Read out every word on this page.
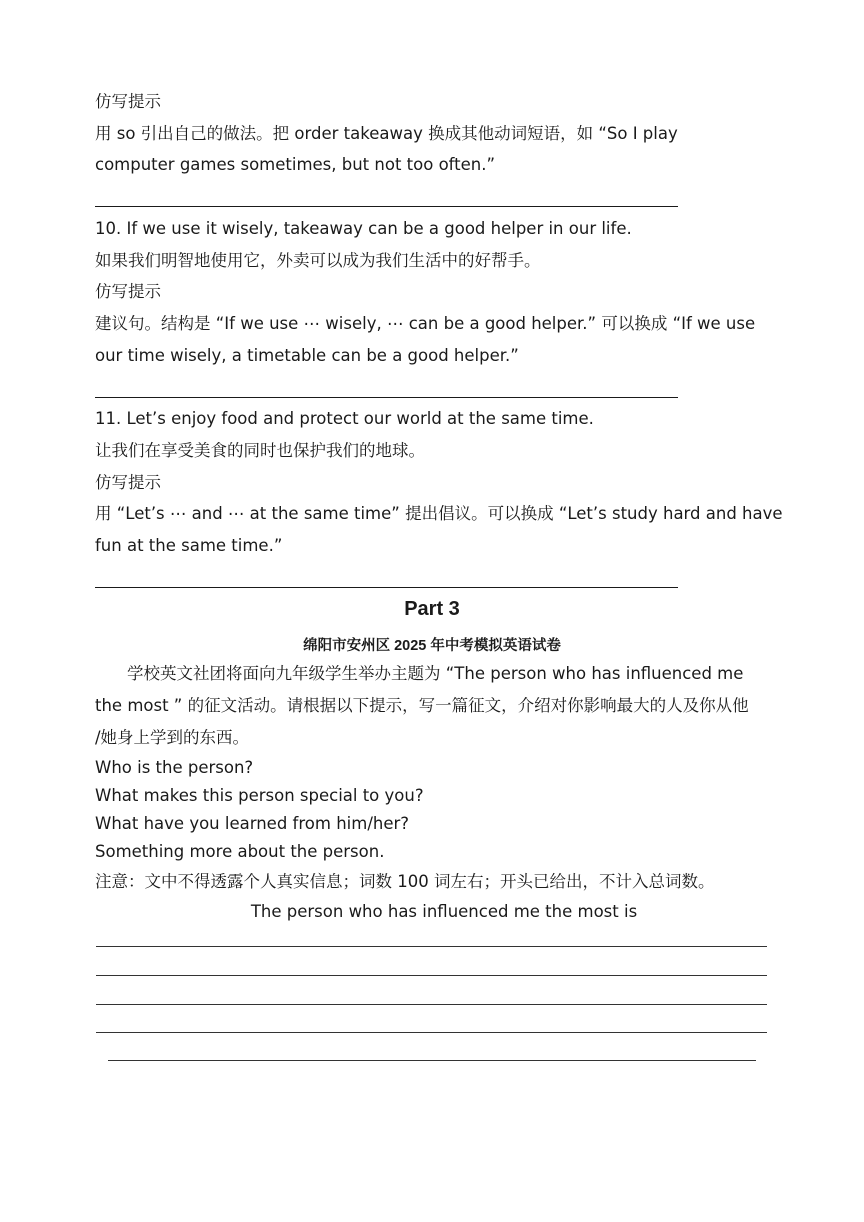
仿写提示
用 so 引出自己的做法。把 order takeaway 换成其他动词短语，如 “So I play
computer games sometimes, but not too often.”
10. If we use it wisely, takeaway can be a good helper in our life.
如果我们明智地使用它，外卖可以成为我们生活中的好帮手。
仿写提示
建议句。结构是 “If we use ⋯ wisely, ⋯ can be a good helper.” 可以换成 “If we use
our time wisely, a timetable can be a good helper.”
11. Let’s enjoy food and protect our world at the same time.
让我们在享受美食的同时也保护我们的地球。
仿写提示
用 “Let’s ⋯ and ⋯ at the same time” 提出倡议。可以换成 “Let’s study hard and have
fun at the same time.”
Part 3
绵阳市安州区 2025 年中考模拟英语试卷
学校英文社团将面向九年级学生举办主题为 “The person who has influenced me
the most ” 的征文活动。请根据以下提示，写一篇征文，介绍对你影响最大的人及你从他
/她身上学到的东西。
Who is the person?
What makes this person special to you?
What have you learned from him/her?
Something more about the person.
注意：文中不得透露个人真实信息；词数 100 词左右；开头已给出，不计入总词数。
The person who has influenced me the most is
